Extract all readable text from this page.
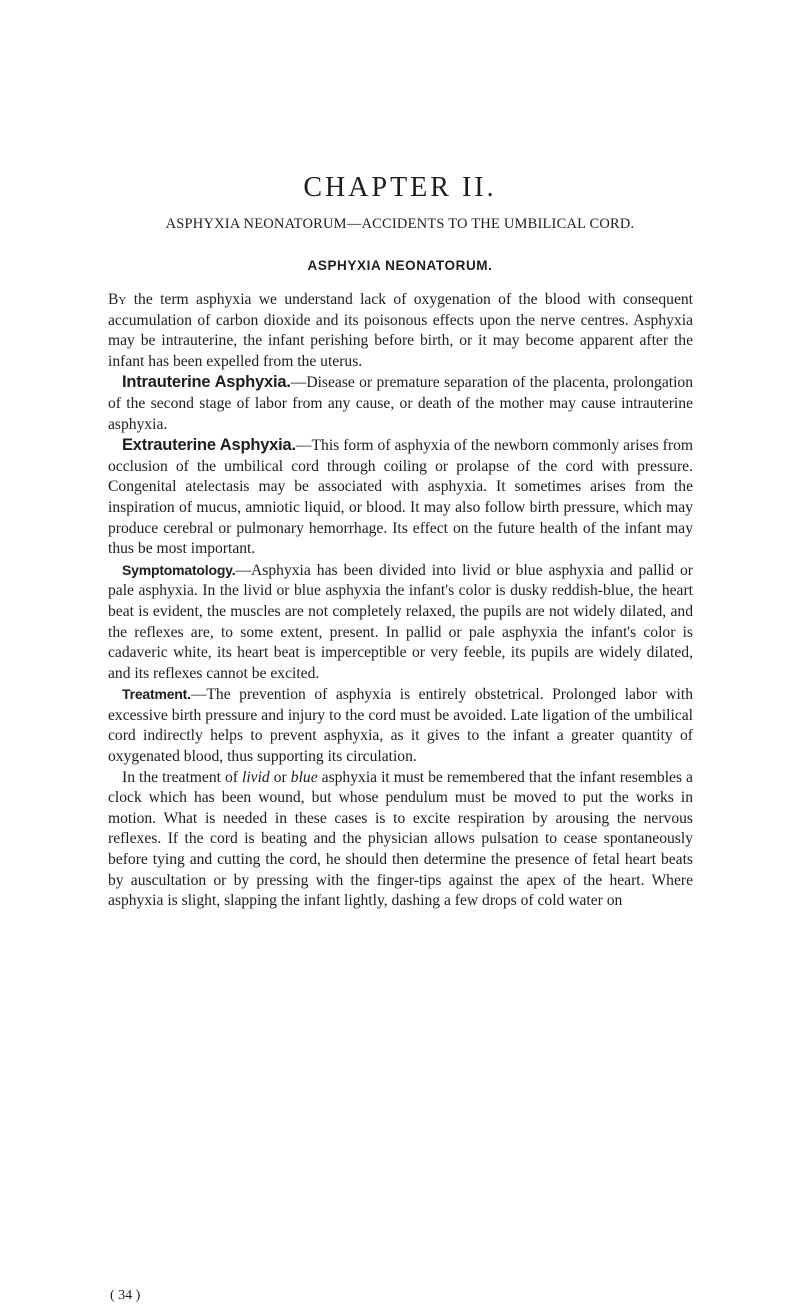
CHAPTER II.
ASPHYXIA NEONATORUM—ACCIDENTS TO THE UMBILICAL CORD.
ASPHYXIA NEONATORUM.

By the term asphyxia we understand lack of oxygenation of the blood with consequent accumulation of carbon dioxide and its poisonous effects upon the nerve centres. Asphyxia may be intrauterine, the infant perishing before birth, or it may become apparent after the infant has been expelled from the uterus.

Intrauterine Asphyxia.—Disease or premature separation of the placenta, prolongation of the second stage of labor from any cause, or death of the mother may cause intrauterine asphyxia.

Extrauterine Asphyxia.—This form of asphyxia of the newborn commonly arises from occlusion of the umbilical cord through coiling or prolapse of the cord with pressure. Congenital atelectasis may be associated with asphyxia. It sometimes arises from the inspiration of mucus, amniotic liquid, or blood. It may also follow birth pressure, which may produce cerebral or pulmonary hemorrhage. Its effect on the future health of the infant may thus be most important.

Symptomatology.—Asphyxia has been divided into livid or blue asphyxia and pallid or pale asphyxia. In the livid or blue asphyxia the infant's color is dusky reddish-blue, the heart beat is evident, the muscles are not completely relaxed, the pupils are not widely dilated, and the reflexes are, to some extent, present. In pallid or pale asphyxia the infant's color is cadaveric white, its heart beat is imperceptible or very feeble, its pupils are widely dilated, and its reflexes cannot be excited.

Treatment.—The prevention of asphyxia is entirely obstetrical. Prolonged labor with excessive birth pressure and injury to the cord must be avoided. Late ligation of the umbilical cord indirectly helps to prevent asphyxia, as it gives to the infant a greater quantity of oxygenated blood, thus supporting its circulation.

In the treatment of livid or blue asphyxia it must be remembered that the infant resembles a clock which has been wound, but whose pendulum must be moved to put the works in motion. What is needed in these cases is to excite respiration by arousing the nervous reflexes. If the cord is beating and the physician allows pulsation to cease spontaneously before tying and cutting the cord, he should then determine the presence of fetal heart beats by auscultation or by pressing with the finger-tips against the apex of the heart. Where asphyxia is slight, slapping the infant lightly, dashing a few drops of cold water on

( 34 )
